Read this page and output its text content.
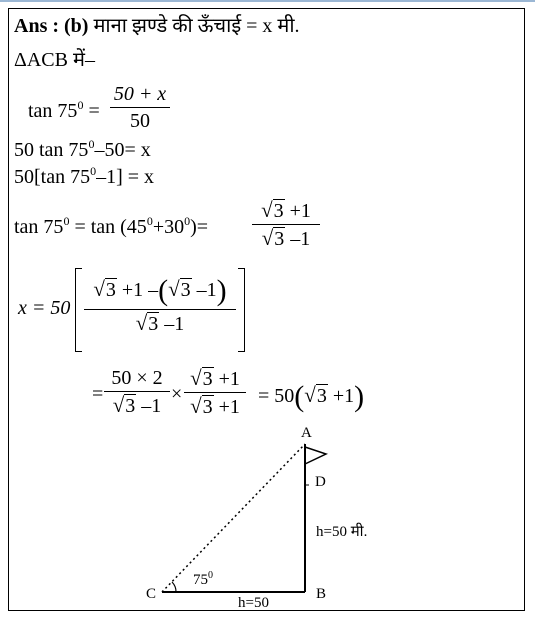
Ans : (b) माना झण्डे की ऊँचाई = x मी.
ΔACB में–
$\tan 75^0$ =
50 + x
50
50 $\tan 75^0-50= x$
50[tan $75^0-1] = x$
$\tan 75^0 = \tan (45^0+30^0)=$
√3 +1
√3 –1
x = 50
√3 +1 –(√3 –1)
√3 –1
=
50 × 2
√3 –1
×
√3 +1
√3 +1 = 50(√3 +1)
A
D
B
C
$75^0$
h=50 मी.
h=50
